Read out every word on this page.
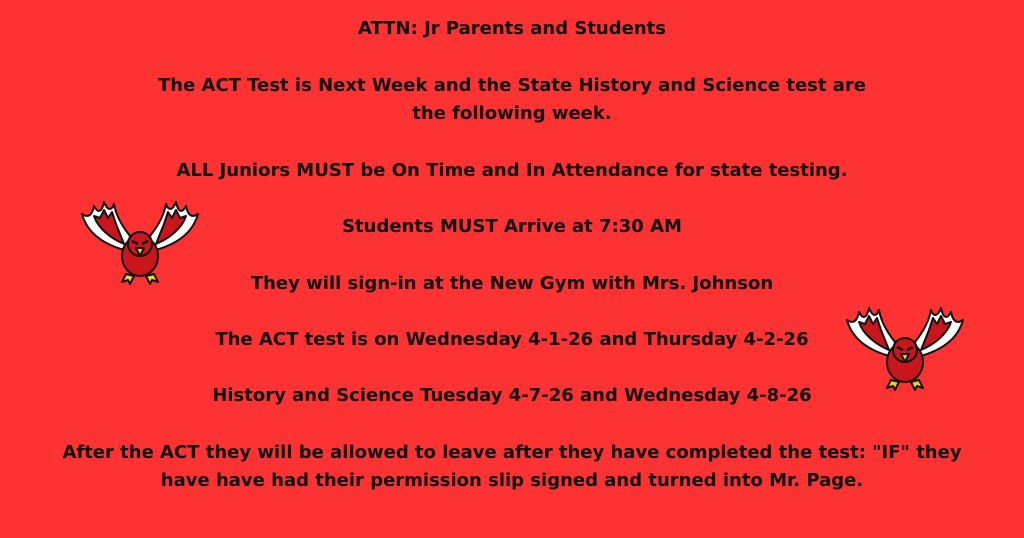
ATTN: Jr Parents and Students
The ACT Test is Next Week and the State History and Science test are
the following week.
ALL Juniors MUST be On Time and In Attendance for state testing.
Students MUST Arrive at 7:30 AM
They will sign-in at the New Gym with Mrs. Johnson
The ACT test is on Wednesday 4-1-26 and Thursday 4-2-26
History and Science Tuesday 4-7-26 and Wednesday 4-8-26
After the ACT they will be allowed to leave after they have completed the test: "IF" they
have have had their permission slip signed and turned into Mr. Page.
